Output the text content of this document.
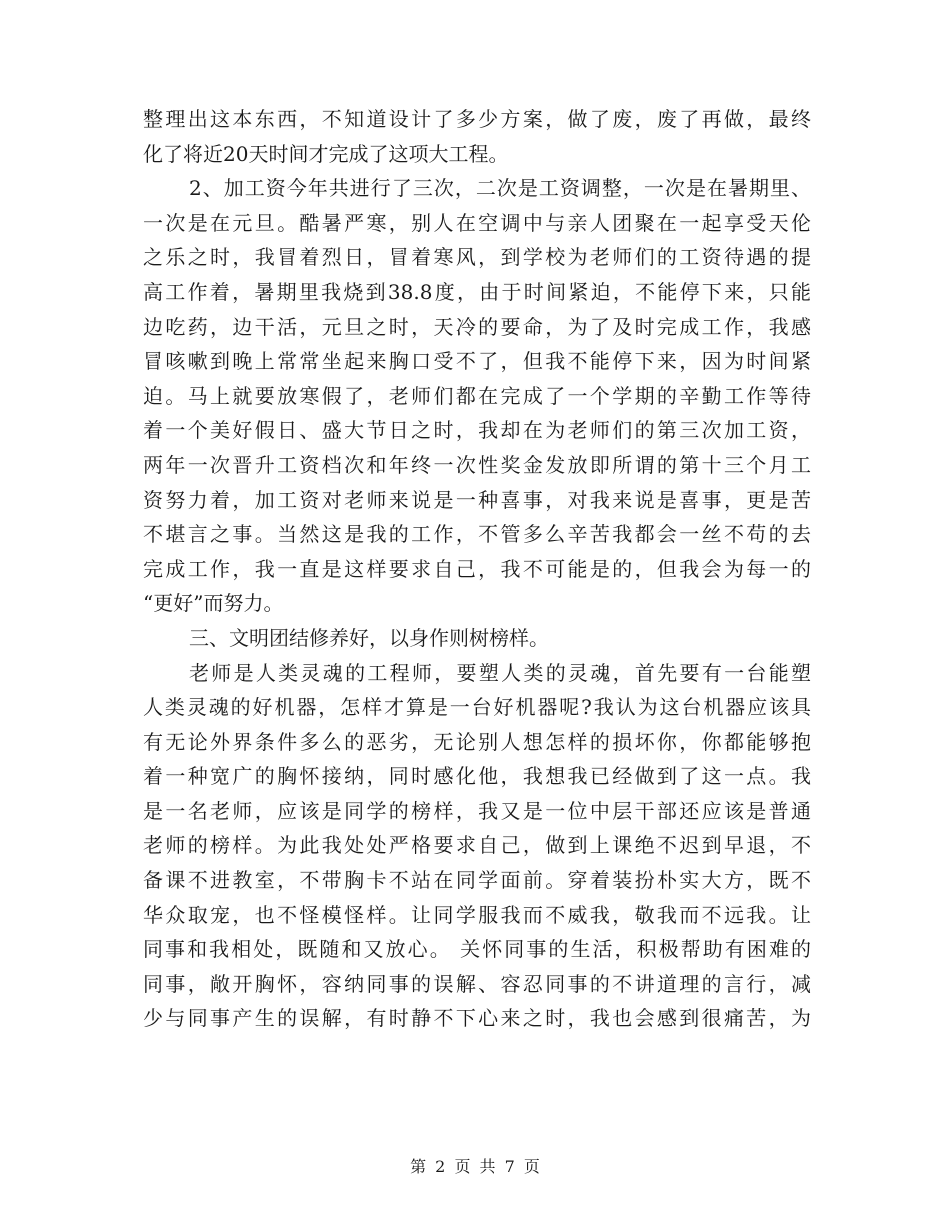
整理出这本东西，不知道设计了多少方案，做了废，废了再做，最终
化了将近20天时间才完成了这项大工程。
2、加工资今年共进行了三次，二次是工资调整，一次是在暑期里、
一次是在元旦。酷暑严寒，别人在空调中与亲人团聚在一起享受天伦
之乐之时，我冒着烈日，冒着寒风，到学校为老师们的工资待遇的提
高工作着，暑期里我烧到38.8度，由于时间紧迫，不能停下来，只能
边吃药，边干活，元旦之时，天冷的要命，为了及时完成工作，我感
冒咳嗽到晚上常常坐起来胸口受不了，但我不能停下来，因为时间紧
迫。马上就要放寒假了，老师们都在完成了一个学期的辛勤工作等待
着一个美好假日、盛大节日之时，我却在为老师们的第三次加工资，
两年一次晋升工资档次和年终一次性奖金发放即所谓的第十三个月工
资努力着，加工资对老师来说是一种喜事，对我来说是喜事，更是苦
不堪言之事。当然这是我的工作，不管多么辛苦我都会一丝不苟的去
完成工作，我一直是这样要求自己，我不可能是的，但我会为每一的
“更好”而努力。
三、文明团结修养好，以身作则树榜样。
老师是人类灵魂的工程师，要塑人类的灵魂，首先要有一台能塑
人类灵魂的好机器，怎样才算是一台好机器呢?我认为这台机器应该具
有无论外界条件多么的恶劣，无论别人想怎样的损坏你，你都能够抱
着一种宽广的胸怀接纳，同时感化他，我想我已经做到了这一点。我
是一名老师，应该是同学的榜样，我又是一位中层干部还应该是普通
老师的榜样。为此我处处严格要求自己，做到上课绝不迟到早退，不
备课不进教室，不带胸卡不站在同学面前。穿着装扮朴实大方，既不
华众取宠，也不怪模怪样。让同学服我而不威我，敬我而不远我。让
同事和我相处，既随和又放心。 关怀同事的生活，积极帮助有困难的
同事，敞开胸怀，容纳同事的误解、容忍同事的不讲道理的言行，减
少与同事产生的误解，有时静不下心来之时，我也会感到很痛苦，为
第 2 页 共 7 页
